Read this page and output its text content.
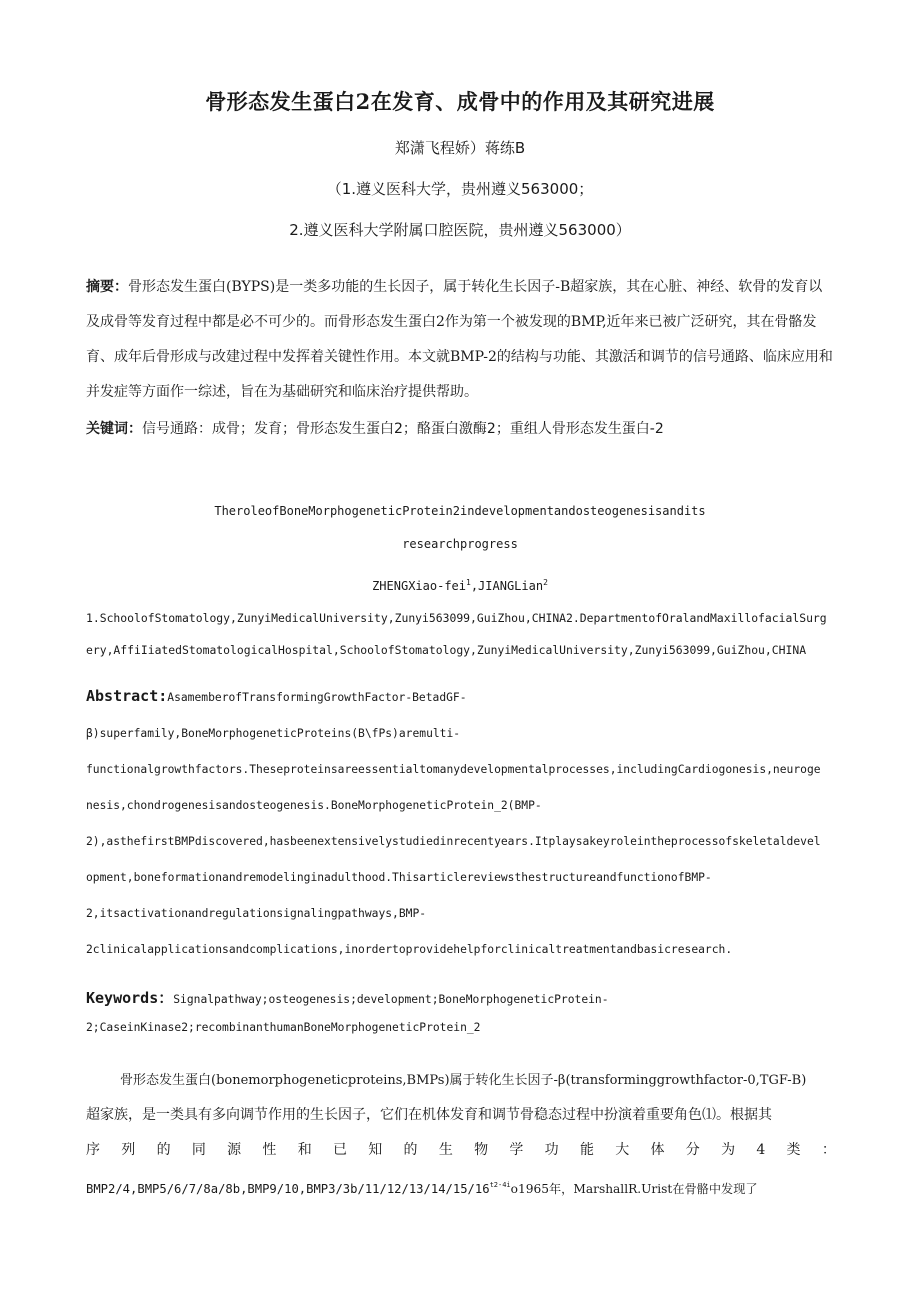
骨形态发生蛋白2在发育、成骨中的作用及其研究进展

郑潇飞程娇）蒋练B

（1.遵义医科大学，贵州遵义563000；

2.遵义医科大学附属口腔医院，贵州遵义563000）

摘要：骨形态发生蛋白(BYPS)是一类多功能的生长因子，属于转化生长因子-B超家族，其在心脏、神经、软骨的发育以及成骨等发育过程中都是必不可少的。而骨形态发生蛋白2作为第一个被发现的BMP,近年来已被广泛研究，其在骨骼发育、成年后骨形成与改建过程中发挥着关键性作用。本文就BMP-2的结构与功能、其激活和调节的信号通路、临床应用和并发症等方面作一综述，旨在为基础研究和临床治疗提供帮助。
关键词：信号通路：成骨；发育；骨形态发生蛋白2；酪蛋白激酶2；重组人骨形态发生蛋白-2

TheroleofBoneMorphogeneticProtein2indevelopmentandosteogenesisandits

researchprogress

ZHENGXiao-fei$^1$,JIANGLian$^2$

1.SchoolofStomatology,ZunyiMedicalUniversity,Zunyi563099,GuiZhou,CHINA2.DepartmentofOralandMaxillofacialSurg

ery,AffiIiatedStomatologicalHospital,SchoolofStomatology,ZunyiMedicalUniversity,Zunyi563099,GuiZhou,CHINA

Abstract:AsamemberofTransformingGrowthFactor-BetadGF-

β)superfamily,BoneMorphogeneticProteins(B\fPs)aremulti-

functionalgrowthfactors.Theseproteinsareessentialtomanydevelopmentalprocesses,includingCardiogonesis,neuroge

nesis,chondrogenesisandosteogenesis.BoneMorphogeneticProtein_2(BMP-

2),asthefirstBMPdiscovered,hasbeenextensivelystudiedinrecentyears.Itplaysakeyroleintheprocessofskeletaldevel

opment,boneformationandremodelinginadulthood.ThisarticlereviewsthestructureandfunctionofBMP-

2,itsactivationandregulationsignalingpathways,BMP-

2clinicalapplicationsandcomplications,inordertoprovidehelpforclinicaltreatmentandbasicresearch.

Keywords：Signalpathway;osteogenesis;development;BoneMorphogeneticProtein-

2;CaseinKinase2;recombinanthumanBoneMorphogeneticProtein_2

骨形态发生蛋白(bonemorphogeneticproteins,BMPs)属于转化生长因子-β(transforminggrowthfactor-0,TGF-B)
超家族，是一类具有多向调节作用的生长因子，它们在机体发育和调节骨稳态过程中扮演着重要角色⑴。根据其
序 列 的 同 源 性 和 已 知 的 生 物 学 功 能 大 体 分 为 4 类 ：
$BMP2/4,BMP5/6/7/8a/8b,BMP9/10,BMP3/3b/11/12/13/14/15/16^{t2-4i}o1965$年，MarshallR.Urist在骨骼中发现了
